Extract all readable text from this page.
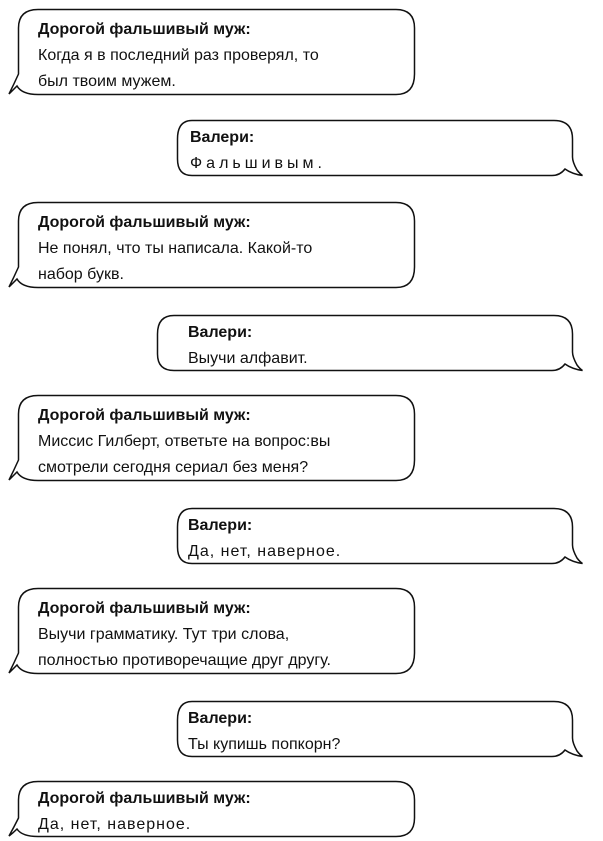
Дорогой фальшивый муж:
Когда я в последний раз проверял, то
был твоим мужем.
Валери:
Фальшивым.
Дорогой фальшивый муж:
Не понял, что ты написала. Какой-то
набор букв.
Валери:
Выучи алфавит.
Дорогой фальшивый муж:
Миссис Гилберт, ответьте на вопрос:вы
смотрели сегодня сериал без меня?
Валери:
Да, нет, наверное.
Дорогой фальшивый муж:
Выучи грамматику. Тут три слова,
полностью противоречащие друг другу.
Валери:
Ты купишь попкорн?
Дорогой фальшивый муж:
Да, нет, наверное.
